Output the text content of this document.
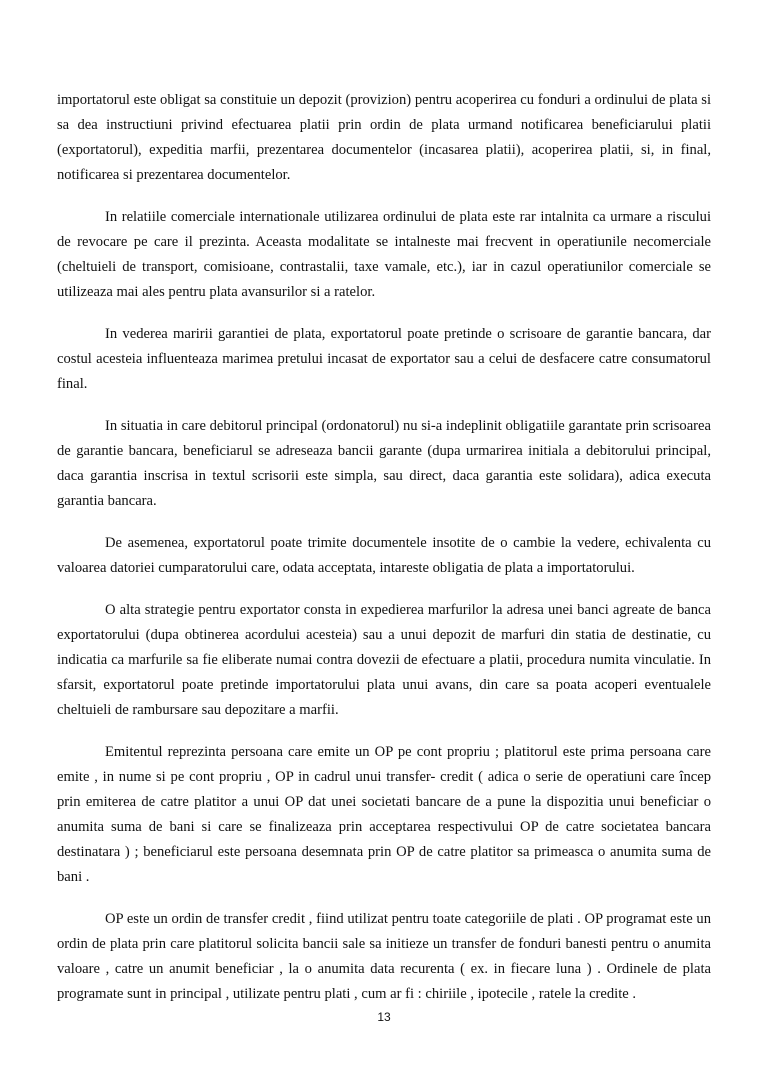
importatorul este obligat sa constituie un depozit (provizion) pentru acoperirea cu fonduri a ordinului de plata si sa dea instructiuni privind efectuarea platii prin ordin de plata urmand notificarea beneficiarului platii (exportatorul), expeditia marfii, prezentarea documentelor (incasarea platii), acoperirea platii, si, in final, notificarea si prezentarea documentelor.

In relatiile comerciale internationale utilizarea ordinului de plata este rar intalnita ca urmare a riscului de revocare pe care il prezinta. Aceasta modalitate se intalneste mai frecvent in operatiunile necomerciale (cheltuieli de transport, comisioane, contrastalii, taxe vamale, etc.), iar in cazul operatiunilor comerciale se utilizeaza mai ales pentru plata avansurilor si a ratelor.

In vederea maririi garantiei de plata, exportatorul poate pretinde o scrisoare de garantie bancara, dar costul acesteia influenteaza marimea pretului incasat de exportator sau a celui de desfacere catre consumatorul final.

In situatia in care debitorul principal (ordonatorul) nu si-a indeplinit obligatiile garantate prin scrisoarea de garantie bancara, beneficiarul se adreseaza bancii garante (dupa urmarirea initiala a debitorului principal, daca garantia inscrisa in textul scrisorii este simpla, sau direct, daca garantia este solidara), adica executa garantia bancara.

De asemenea, exportatorul poate trimite documentele insotite de o cambie la vedere, echivalenta cu valoarea datoriei cumparatorului care, odata acceptata, intareste obligatia de plata a importatorului.

O alta strategie pentru exportator consta in expedierea marfurilor la adresa unei banci agreate de banca exportatorului (dupa obtinerea acordului acesteia) sau a unui depozit de marfuri din statia de destinatie, cu indicatia ca marfurile sa fie eliberate numai contra dovezii de efectuare a platii, procedura numita vinculatie. In sfarsit, exportatorul poate pretinde importatorului plata unui avans, din care sa poata acoperi eventualele cheltuieli de rambursare sau depozitare a marfii.

Emitentul reprezinta persoana care emite un OP pe cont propriu ; platitorul este prima persoana care emite , in nume si pe cont propriu , OP in cadrul unui transfer- credit ( adica o serie de operatiuni care încep prin emiterea de catre platitor a unui OP dat unei societati bancare de a pune la dispozitia unui beneficiar o anumita suma de bani si care se finalizeaza prin acceptarea respectivului OP de catre societatea bancara destinatara ) ; beneficiarul este persoana desemnata prin OP de catre platitor sa primeasca o anumita suma de bani .

OP este un ordin de transfer credit , fiind utilizat pentru toate categoriile de plati . OP programat este un ordin de plata prin care platitorul solicita bancii sale sa initieze un transfer de fonduri banesti pentru o anumita valoare , catre un anumit beneficiar , la o anumita data recurenta ( ex. in fiecare luna ) . Ordinele de plata programate sunt in principal , utilizate pentru plati , cum ar fi : chiriile , ipotecile , ratele la credite .

13
